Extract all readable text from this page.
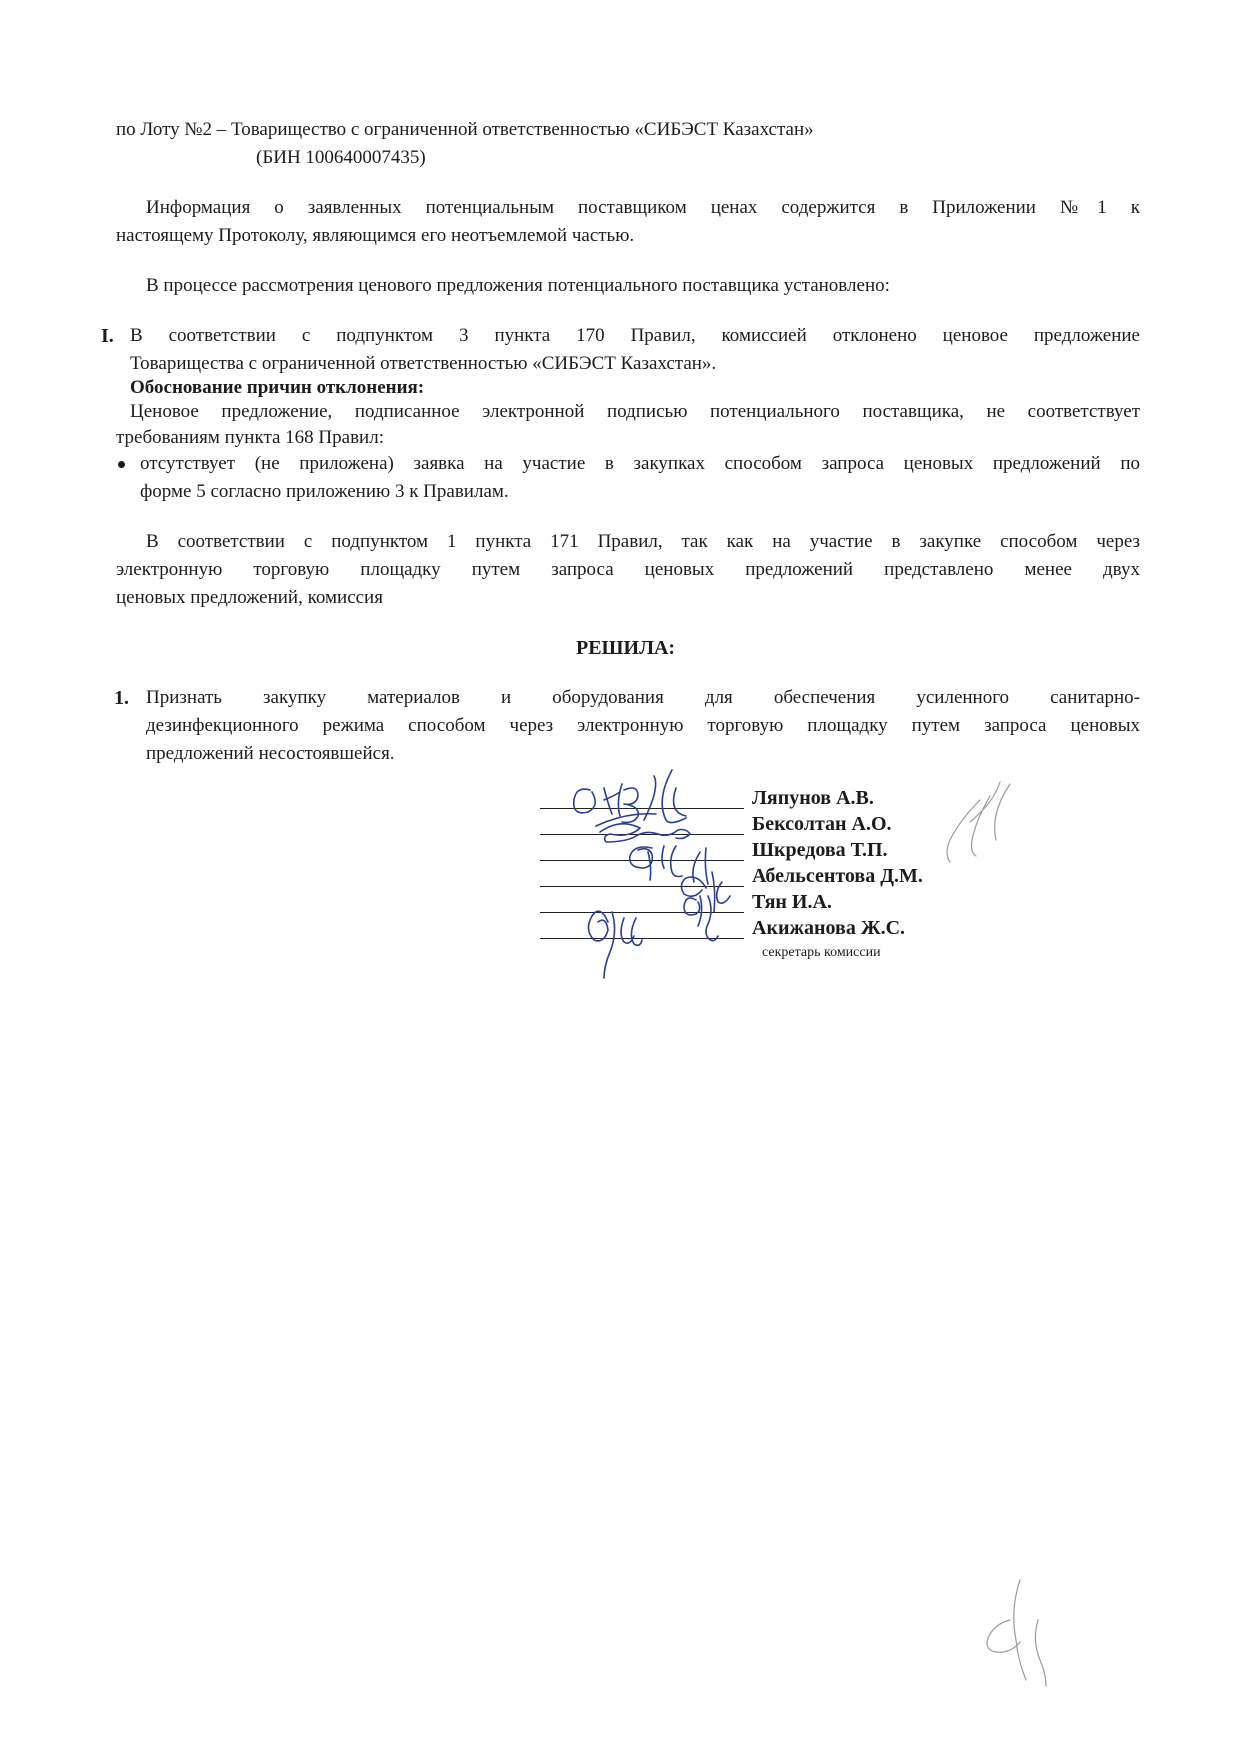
по Лоту №2 – Товарищество с ограниченной ответственностью «СИБЭСТ Казахстан»
(БИН 100640007435)
Информация о заявленных потенциальным поставщиком ценах содержится в Приложении №1 к
настоящему Протоколу, являющимся его неотъемлемой частью.
В процессе рассмотрения ценового предложения потенциального поставщика установлено:
I. В соответствии с подпунктом 3 пункта 170 Правил, комиссией отклонено ценовое предложение
Товарищества с ограниченной ответственностью «СИБЭСТ Казахстан».
Обоснование причин отклонения:
Ценовое предложение, подписанное электронной подписью потенциального поставщика, не соответствует
требованиям пункта 168 Правил:
отсутствует (не приложена) заявка на участие в закупках способом запроса ценовых предложений по
форме 5 согласно приложению 3 к Правилам.
В соответствии с подпунктом 1 пункта 171 Правил, так как на участие в закупке способом через
электронную торговую площадку путем запроса ценовых предложений представлено менее двух
ценовых предложений, комиссия
РЕШИЛА:
1. Признать закупку материалов и оборудования для обеспечения усиленного санитарно-
дезинфекционного режима способом через электронную торговую площадку путем запроса ценовых
предложений несостоявшейся.
Ляпунов А.В.
Бексолтан А.О.
Шкредова Т.П.
Абельсентова Д.М.
Тян И.А.
Акижанова Ж.С.
секретарь комиссии
